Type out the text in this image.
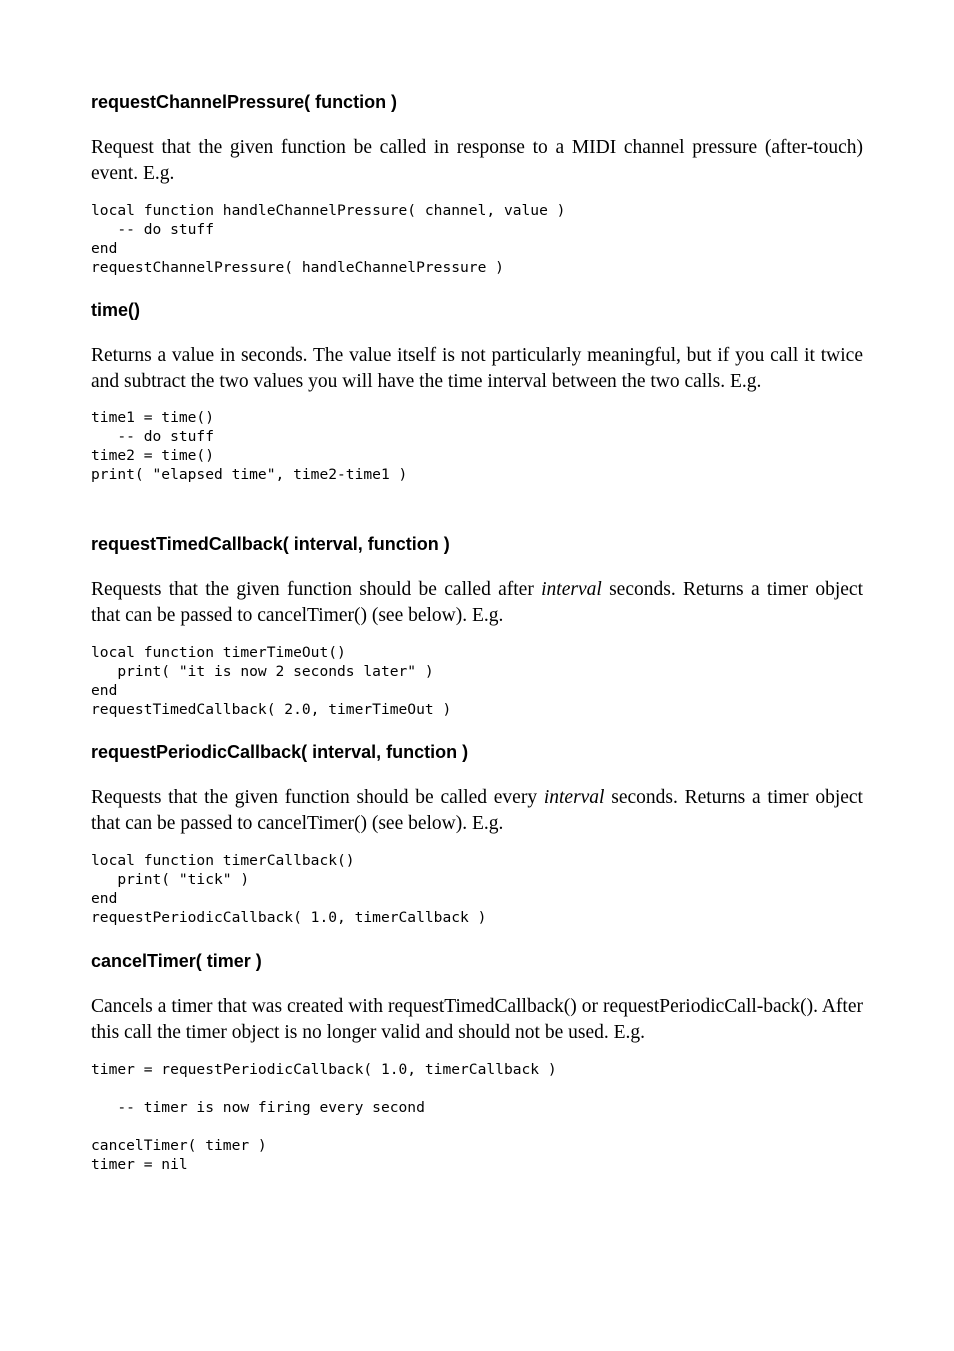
requestChannelPressure( function )

Request that the given function be called in response to a MIDI channel pressure (after-touch) event. E.g.

local function handleChannelPressure( channel, value )
-- do stuff
end
requestChannelPressure( handleChannelPressure )
time()

Returns a value in seconds. The value itself is not particularly meaningful, but if you call it twice and subtract the two values you will have the time interval between the two calls. E.g.

time1 = time()
-- do stuff
time2 = time()
print( "elapsed time", time2-time1 )
requestTimedCallback( interval, function )

Requests that the given function should be called after interval seconds. Returns a timer object that can be passed to cancelTimer() (see below). E.g.

local function timerTimeOut()
print( "it is now 2 seconds later" )
end
requestTimedCallback( 2.0, timerTimeOut )
requestPeriodicCallback( interval, function )

Requests that the given function should be called every interval seconds. Returns a timer object that can be passed to cancelTimer() (see below). E.g.

local function timerCallback()
print( "tick" )
end
requestPeriodicCallback( 1.0, timerCallback )
cancelTimer( timer )

Cancels a timer that was created with requestTimedCallback() or requestPeriodicCall-back(). After this call the timer object is no longer valid and should not be used. E.g.

timer = requestPeriodicCallback( 1.0, timerCallback )

-- timer is now firing every second

cancelTimer( timer )
timer = nil
